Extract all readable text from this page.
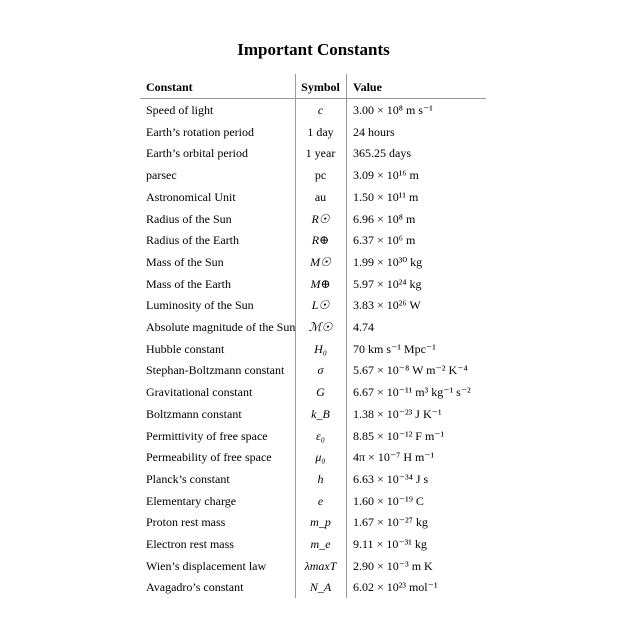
Important Constants
Constant	Symbol	Value
Speed of light	c	3.00 × 10⁸ m s⁻¹
Earth’s rotation period	1 day	24 hours
Earth’s orbital period	1 year	365.25 days
parsec	pc	3.09 × 10¹⁶ m
Astronomical Unit	au	1.50 × 10¹¹ m
Radius of the Sun	R☉	6.96 × 10⁸ m
Radius of the Earth	R⊕	6.37 × 10⁶ m
Mass of the Sun	M☉	1.99 × 10³⁰ kg
Mass of the Earth	M⊕	5.97 × 10²⁴ kg
Luminosity of the Sun	L☉	3.83 × 10²⁶ W
Absolute magnitude of the Sun	ℳ☉	4.74
Hubble constant	H₀	70 km s⁻¹ Mpc⁻¹
Stephan-Boltzmann constant	σ	5.67 × 10⁻⁸ W m⁻² K⁻⁴
Gravitational constant	G	6.67 × 10⁻¹¹ m³ kg⁻¹ s⁻²
Boltzmann constant	k_B	1.38 × 10⁻²³ J K⁻¹
Permittivity of free space	ε₀	8.85 × 10⁻¹² F m⁻¹
Permeability of free space	μ₀	4π × 10⁻⁷ H m⁻¹
Planck’s constant	h	6.63 × 10⁻³⁴ J s
Elementary charge	e	1.60 × 10⁻¹⁹ C
Proton rest mass	m_p	1.67 × 10⁻²⁷ kg
Electron rest mass	m_e	9.11 × 10⁻³¹ kg
Wien’s displacement law	λmaxT	2.90 × 10⁻³ m K
Avagadro’s constant	N_A	6.02 × 10²³ mol⁻¹
